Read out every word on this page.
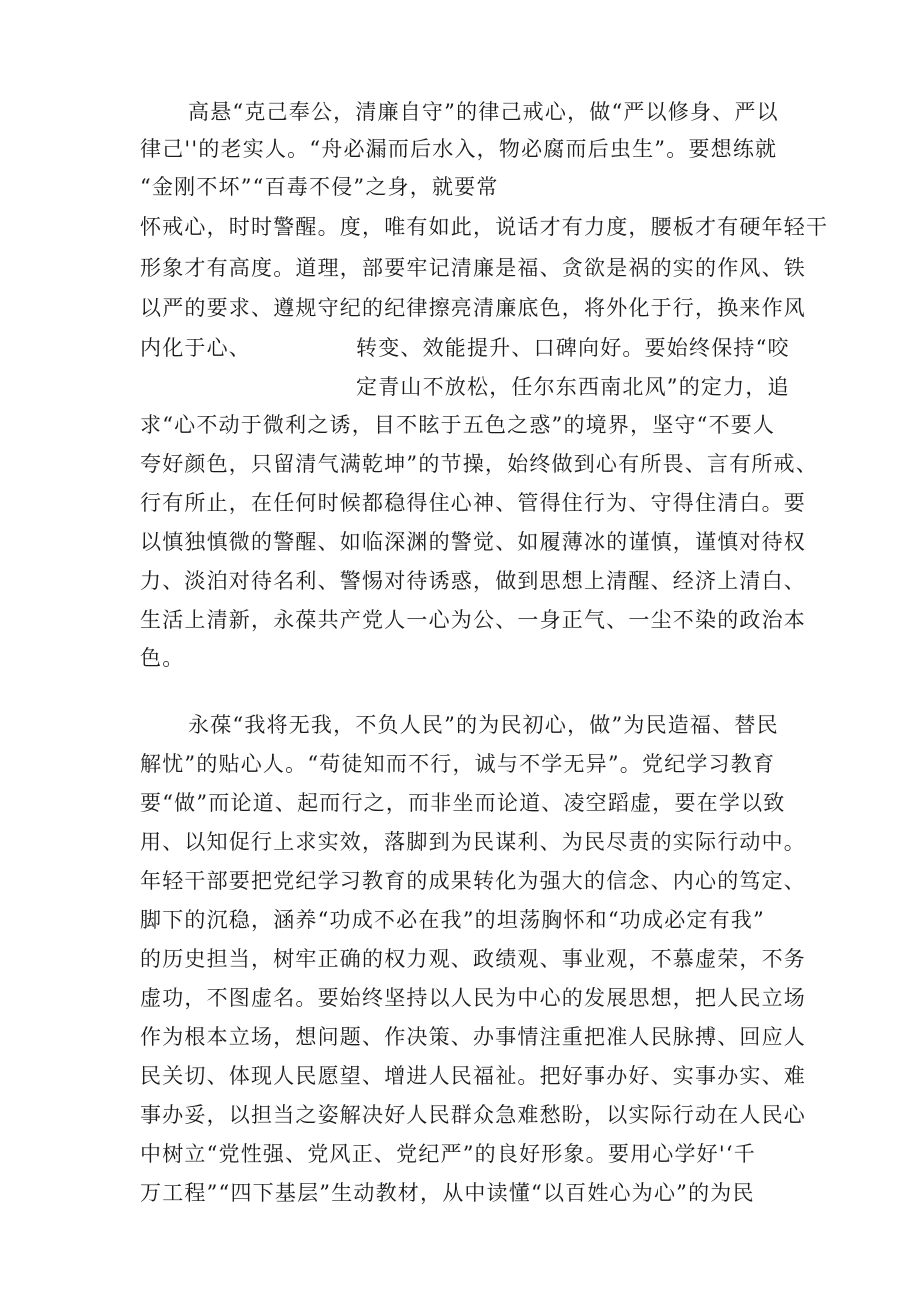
高悬“克己奉公，清廉自守”的律己戒心，做“严以修身、严以
律己''的老实人。“舟必漏而后水入，物必腐而后虫生”。要想练就
“金刚不坏”“百毒不侵”之身，就要常
怀戒心，时时警醒。度，唯有如此，说话才有力度，腰板才有硬年轻干
形象才有高度。道理，部要牢记清廉是福、贪欲是祸的实的作风、铁
以严的要求、遵规守纪的纪律擦亮清廉底色，将外化于行，换来作风
内化于心、	转变、效能提升、口碑向好。要始终保持“咬
定青山不放松，任尔东西南北风”的定力，追
求“心不动于微利之诱，目不眩于五色之惑”的境界，坚守“不要人
夸好颜色，只留清气满乾坤”的节操，始终做到心有所畏、言有所戒、
行有所止，在任何时候都稳得住心神、管得住行为、守得住清白。要
以慎独慎微的警醒、如临深渊的警觉、如履薄冰的谨慎，谨慎对待权
力、淡泊对待名利、警惕对待诱惑，做到思想上清醒、经济上清白、
生活上清新，永葆共产党人一心为公、一身正气、一尘不染的政治本
色。
永葆“我将无我，不负人民”的为民初心，做”为民造福、替民
解忧”的贴心人。“苟徒知而不行，诚与不学无异”。党纪学习教育
要“做”而论道、起而行之，而非坐而论道、凌空蹈虚，要在学以致
用、以知促行上求实效，落脚到为民谋利、为民尽责的实际行动中。
年轻干部要把党纪学习教育的成果转化为强大的信念、内心的笃定、
脚下的沉稳，涵养“功成不必在我”的坦荡胸怀和“功成必定有我”
的历史担当，树牢正确的权力观、政绩观、事业观，不慕虚荣，不务
虚功，不图虚名。要始终坚持以人民为中心的发展思想，把人民立场
作为根本立场，想问题、作决策、办事情注重把准人民脉搏、回应人
民关切、体现人民愿望、增进人民福祉。把好事办好、实事办实、难
事办妥，以担当之姿解决好人民群众急难愁盼，以实际行动在人民心
中树立“党性强、党风正、党纪严”的良好形象。要用心学好'‘千
万工程”“四下基层”生动教材，从中读懂“以百姓心为心”的为民
